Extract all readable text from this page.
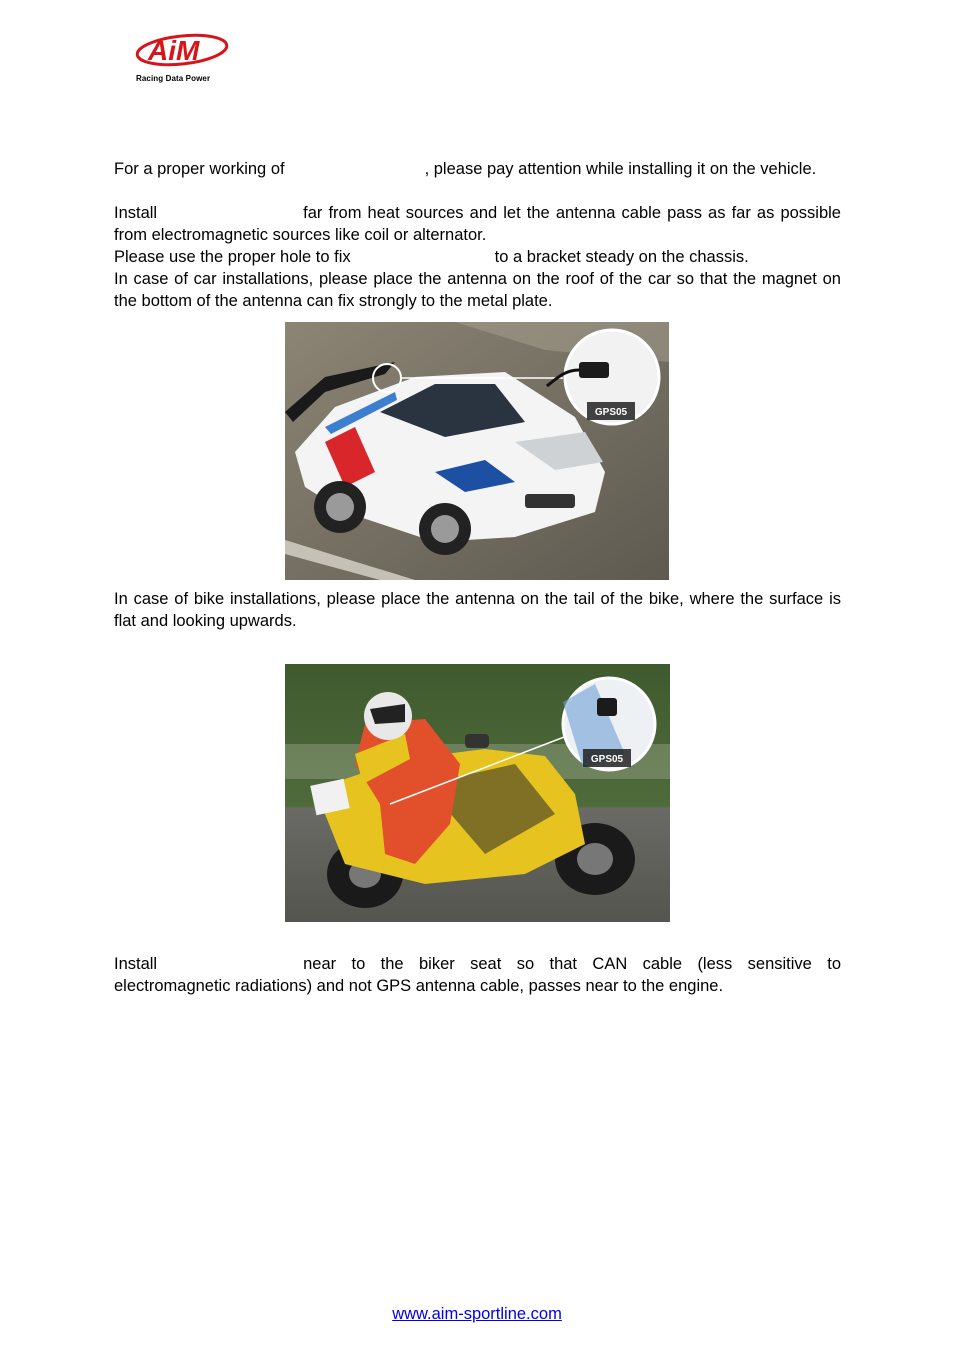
AiM
Racing Data Power
For a proper working of	, please pay attention while installing it on the vehicle.
Install	far from heat sources and let the antenna cable pass as far as possible from electromagnetic sources like coil or alternator.
Please use the proper hole to fix	to a bracket steady on the chassis.
In case of car installations, please place the antenna on the roof of the car so that the magnet on the bottom of the antenna can fix strongly to the metal plate.
GPS05
In case of bike installations, please place the antenna on the tail of the bike, where the surface is flat and looking upwards.
GPS05
Install	near to the biker seat so that CAN cable (less sensitive to electromagnetic radiations) and not GPS antenna cable, passes near to the engine.
www.aim-sportline.com
